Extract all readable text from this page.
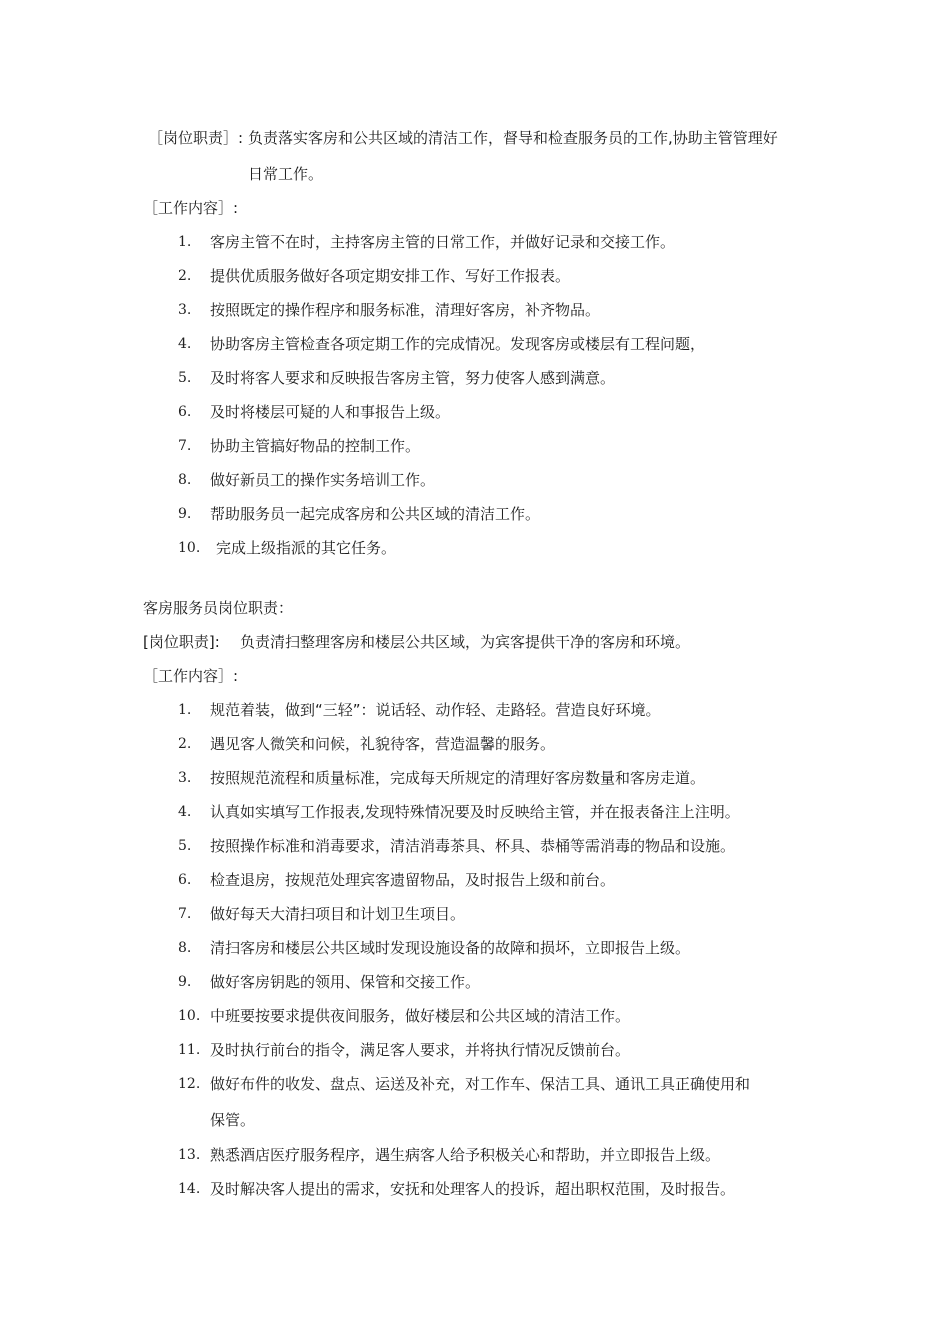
［岗位职责］: 负责落实客房和公共区域的清洁工作，督导和检查服务员的工作,协助主管管理好
日常工作。
［工作内容］:
1. 客房主管不在时，主持客房主管的日常工作，并做好记录和交接工作。
2. 提供优质服务做好各项定期安排工作、写好工作报表。
3. 按照既定的操作程序和服务标准，清理好客房，补齐物品。
4. 协助客房主管检查各项定期工作的完成情况。发现客房或楼层有工程问题，
5. 及时将客人要求和反映报告客房主管，努力使客人感到满意。
6. 及时将楼层可疑的人和事报告上级。
7. 协助主管搞好物品的控制工作。
8. 做好新员工的操作实务培训工作。
9. 帮助服务员一起完成客房和公共区域的清洁工作。
10. 完成上级指派的其它任务。
客房服务员岗位职责：
[岗位职责]: 负责清扫整理客房和楼层公共区域，为宾客提供干净的客房和环境。
［工作内容］:
1. 规范着装，做到“三轻”：说话轻、动作轻、走路轻。营造良好环境。
2. 遇见客人微笑和问候，礼貌待客，营造温馨的服务。
3. 按照规范流程和质量标准，完成每天所规定的清理好客房数量和客房走道。
4. 认真如实填写工作报表,发现特殊情况要及时反映给主管，并在报表备注上注明。
5. 按照操作标准和消毒要求，清洁消毒茶具、杯具、恭桶等需消毒的物品和设施。
6. 检查退房，按规范处理宾客遗留物品，及时报告上级和前台。
7. 做好每天大清扫项目和计划卫生项目。
8. 清扫客房和楼层公共区域时发现设施设备的故障和损坏，立即报告上级。
9. 做好客房钥匙的领用、保管和交接工作。
10. 中班要按要求提供夜间服务，做好楼层和公共区域的清洁工作。
11. 及时执行前台的指令，满足客人要求，并将执行情况反馈前台。
12. 做好布件的收发、盘点、运送及补充，对工作车、保洁工具、通讯工具正确使用和
保管。
13. 熟悉酒店医疗服务程序，遇生病客人给予积极关心和帮助，并立即报告上级。
14. 及时解决客人提出的需求，安抚和处理客人的投诉，超出职权范围，及时报告。
